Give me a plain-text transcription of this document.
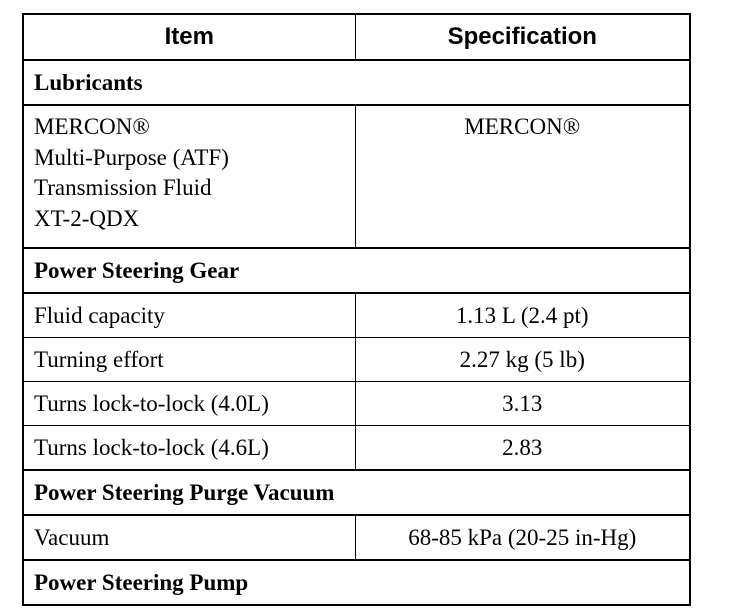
Item	Specification
Lubricants	

MERCON®
Multi-Purpose (ATF)
Transmission Fluid
XT-2-QDX	MERCON®
Power Steering Gear	
Fluid capacity	1.13 L (2.4 pt)
Turning effort	2.27 kg (5 lb)
Turns lock-to-lock (4.0L)	3.13
Turns lock-to-lock (4.6L)	2.83
Power Steering Purge Vacuum	
Vacuum	68-85 kPa (20-25 in-Hg)
Power Steering Pump	
